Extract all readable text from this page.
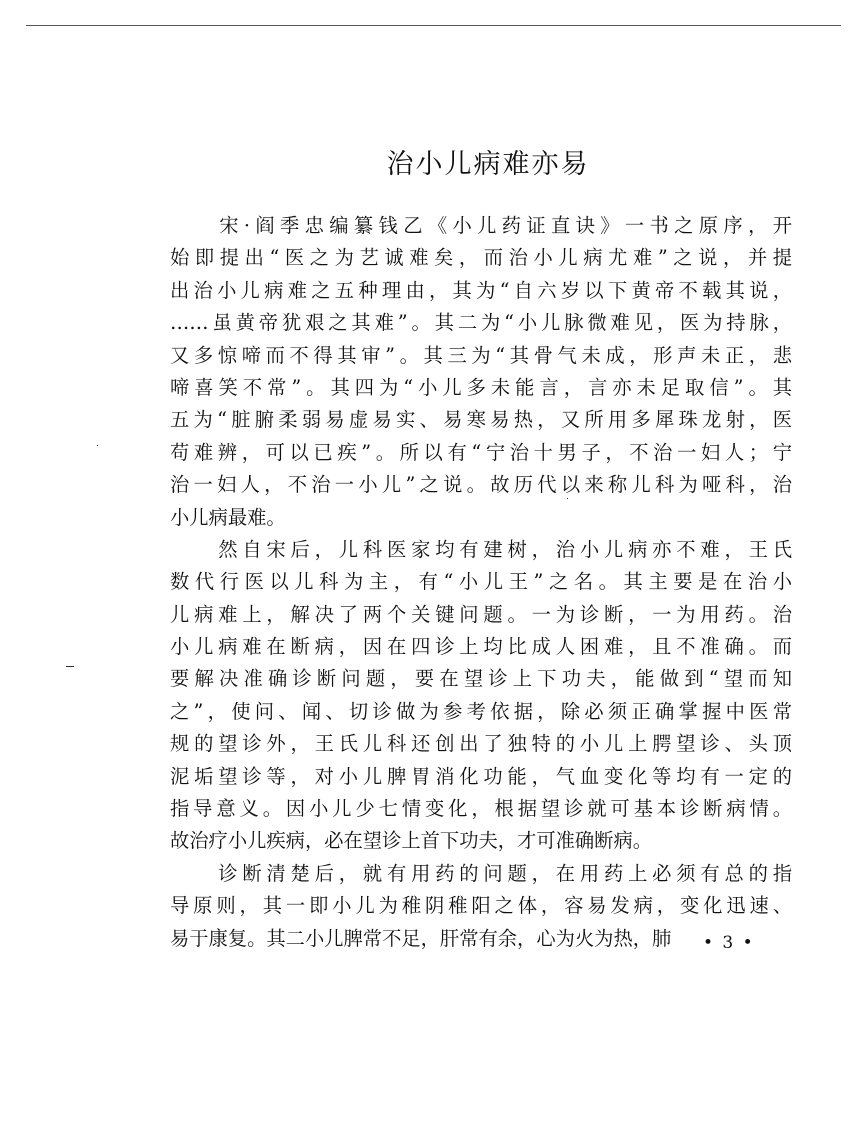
治小儿病难亦易
　　宋·阎季忠编纂钱乙《小儿药证直诀》一书之原序，开
始即提出“医之为艺诚难矣，而治小儿病尤难”之说，并提
出治小儿病难之五种理由，其为“自六岁以下黄帝不载其说，
……虽黄帝犹艰之其难”。其二为“小儿脉微难见，医为持脉，
又多惊啼而不得其审”。其三为“其骨气未成，形声未正，悲
啼喜笑不常”。其四为“小儿多未能言，言亦未足取信”。其
五为“脏腑柔弱易虚易实、易寒易热，又所用多犀珠龙射，医
苟难辨，可以已疾”。所以有“宁治十男子，不治一妇人；宁
治一妇人，不治一小儿”之说。故历代以来称儿科为哑科，治
小儿病最难。
　　然自宋后，儿科医家均有建树，治小儿病亦不难，王氏
数代行医以儿科为主，有“小儿王”之名。其主要是在治小
儿病难上，解决了两个关键问题。一为诊断，一为用药。治
小儿病难在断病，因在四诊上均比成人困难，且不准确。而
要解决准确诊断问题，要在望诊上下功夫，能做到“望而知
之”，使问、闻、切诊做为参考依据，除必须正确掌握中医常
规的望诊外，王氏儿科还创出了独特的小儿上腭望诊、头顶
泥垢望诊等，对小儿脾胃消化功能，气血变化等均有一定的
指导意义。因小儿少七情变化，根据望诊就可基本诊断病情。
故治疗小儿疾病，必在望诊上首下功夫，才可准确断病。
　　诊断清楚后，就有用药的问题，在用药上必须有总的指
导原则，其一即小儿为稚阴稚阳之体，容易发病，变化迅速、
易于康复。其二小儿脾常不足，肝常有余，心为火为热，肺	• 3 •
